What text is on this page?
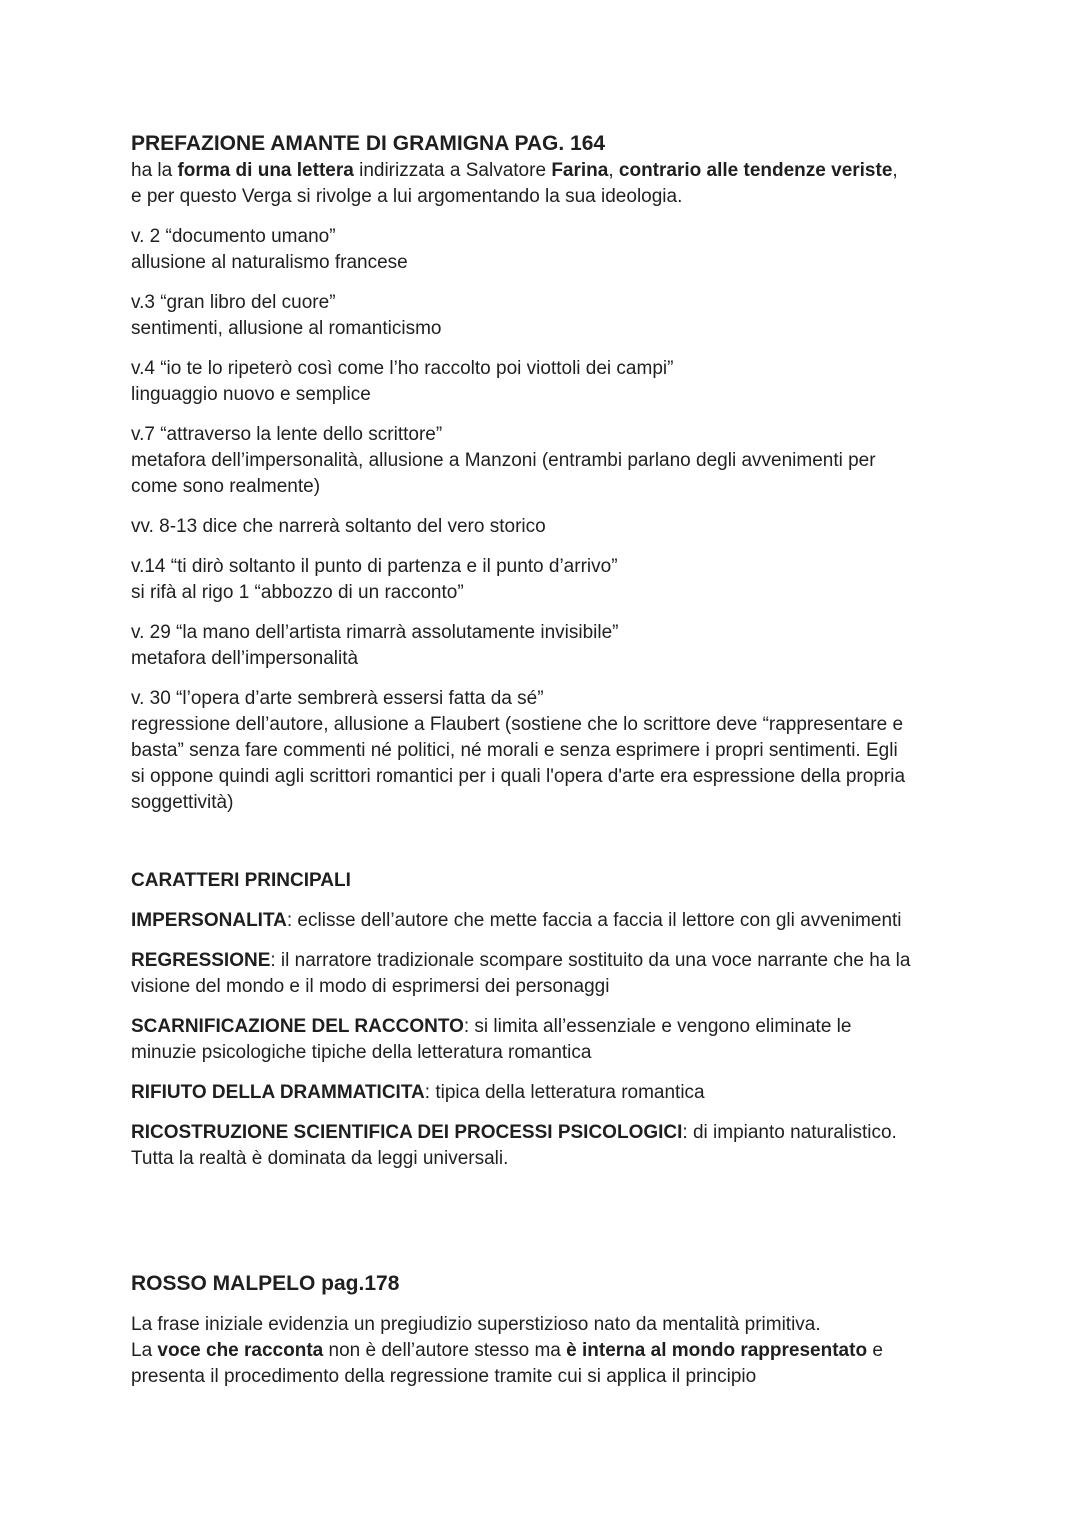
PREFAZIONE AMANTE DI GRAMIGNA PAG. 164

ha la forma di una lettera indirizzata a Salvatore Farina, contrario alle tendenze veriste,

e per questo Verga si rivolge a lui argomentando la sua ideologia.

v. 2 “documento umano”

allusione al naturalismo francese

v.3 “gran libro del cuore”

sentimenti, allusione al romanticismo

v.4 “io te lo ripeterò così come l’ho raccolto poi viottoli dei campi”

linguaggio nuovo e semplice

v.7 “attraverso la lente dello scrittore”

metafora dell’impersonalità, allusione a Manzoni (entrambi parlano degli avvenimenti per

come sono realmente)

vv. 8-13 dice che narrerà soltanto del vero storico

v.14 “ti dirò soltanto il punto di partenza e il punto d’arrivo”

si rifà al rigo 1 “abbozzo di un racconto”

v. 29 “la mano dell’artista rimarrà assolutamente invisibile”

metafora dell’impersonalità

v. 30 “l’opera d’arte sembrerà essersi fatta da sé”

regressione dell’autore, allusione a Flaubert (sostiene che lo scrittore deve “rappresentare e

basta” senza fare commenti né politici, né morali e senza esprimere i propri sentimenti. Egli

si oppone quindi agli scrittori romantici per i quali l'opera d'arte era espressione della propria

soggettività)

CARATTERI PRINCIPALI

IMPERSONALITA: eclisse dell’autore che mette faccia a faccia il lettore con gli avvenimenti

REGRESSIONE: il narratore tradizionale scompare sostituito da una voce narrante che ha la

visione del mondo e il modo di esprimersi dei personaggi

SCARNIFICAZIONE DEL RACCONTO: si limita all’essenziale e vengono eliminate le

minuzie psicologiche tipiche della letteratura romantica

RIFIUTO DELLA DRAMMATICITA: tipica della letteratura romantica

RICOSTRUZIONE SCIENTIFICA DEI PROCESSI PSICOLOGICI: di impianto naturalistico.

Tutta la realtà è dominata da leggi universali.

ROSSO MALPELO pag.178

La frase iniziale evidenzia un pregiudizio superstizioso nato da mentalità primitiva.

La voce che racconta non è dell’autore stesso ma è interna al mondo rappresentato e

presenta il procedimento della regressione tramite cui si applica il principio
